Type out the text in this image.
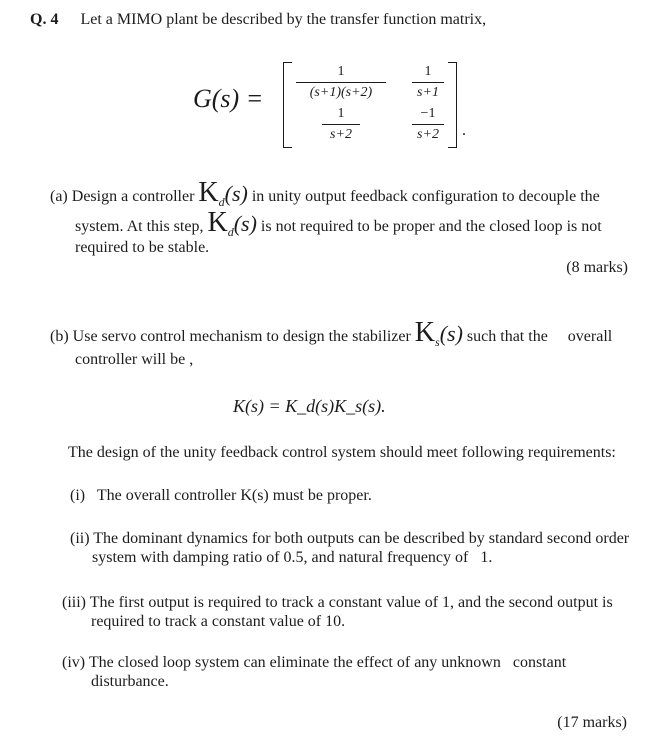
Q. 4 Let a MIMO plant be described by the transfer function matrix,
G(s) =
1
(s+1)(s+2)
1
s+1
1
s+2
−1
s+2	.
(a) Design a controller $K_d(s)$ in unity output feedback configuration to decouple the
system. At this step, $K_d(s)$ is not required to be proper and the closed loop is not
required to be stable.
(8 marks)
(b) Use servo control mechanism to design the stabilizer $K_s(s)$ such that the     overall
controller will be ,
K(s) = K_d(s)K_s(s).
The design of the unity feedback control system should meet following requirements:
(i) The overall controller K(s) must be proper.
(ii) The dominant dynamics for both outputs can be described by standard second order
system with damping ratio of 0.5, and natural frequency of   1.
(iii) The first output is required to track a constant value of 1, and the second output is
required to track a constant value of 10.
(iv) The closed loop system can eliminate the effect of any unknown   constant
disturbance.
(17 marks)
